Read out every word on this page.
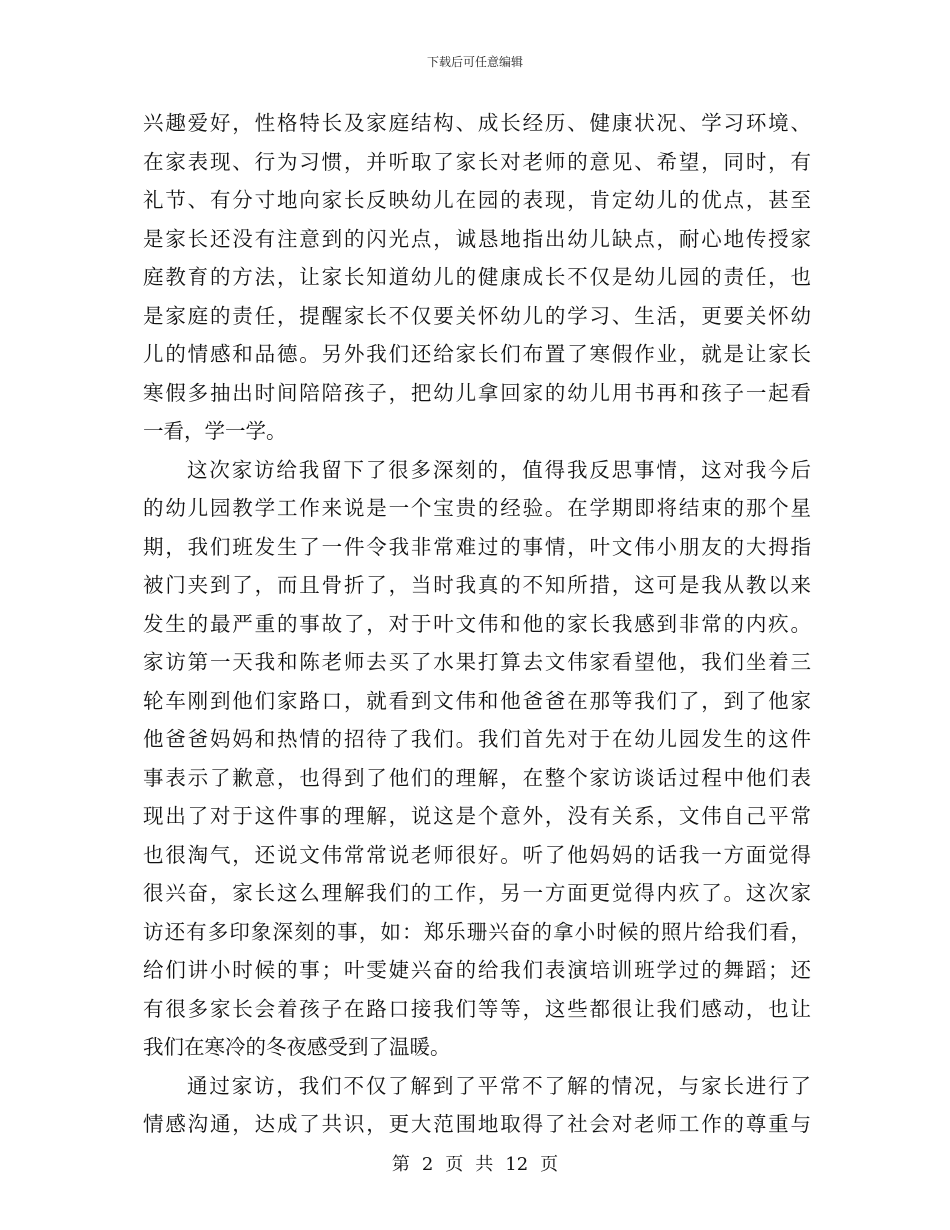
下载后可任意编辑
兴趣爱好，性格特长及家庭结构、成长经历、健康状况、学习环境、
在家表现、行为习惯，并听取了家长对老师的意见、希望，同时，有
礼节、有分寸地向家长反映幼儿在园的表现，肯定幼儿的优点，甚至
是家长还没有注意到的闪光点，诚恳地指出幼儿缺点，耐心地传授家
庭教育的方法，让家长知道幼儿的健康成长不仅是幼儿园的责任，也
是家庭的责任，提醒家长不仅要关怀幼儿的学习、生活，更要关怀幼
儿的情感和品德。另外我们还给家长们布置了寒假作业，就是让家长
寒假多抽出时间陪陪孩子，把幼儿拿回家的幼儿用书再和孩子一起看
一看，学一学。
这次家访给我留下了很多深刻的，值得我反思事情，这对我今后
的幼儿园教学工作来说是一个宝贵的经验。在学期即将结束的那个星
期，我们班发生了一件令我非常难过的事情，叶文伟小朋友的大拇指
被门夹到了，而且骨折了，当时我真的不知所措，这可是我从教以来
发生的最严重的事故了，对于叶文伟和他的家长我感到非常的内疚。
家访第一天我和陈老师去买了水果打算去文伟家看望他，我们坐着三
轮车刚到他们家路口，就看到文伟和他爸爸在那等我们了，到了他家
他爸爸妈妈和热情的招待了我们。我们首先对于在幼儿园发生的这件
事表示了歉意，也得到了他们的理解，在整个家访谈话过程中他们表
现出了对于这件事的理解，说这是个意外，没有关系，文伟自己平常
也很淘气，还说文伟常常说老师很好。听了他妈妈的话我一方面觉得
很兴奋，家长这么理解我们的工作，另一方面更觉得内疚了。这次家
访还有多印象深刻的事，如：郑乐珊兴奋的拿小时候的照片给我们看，
给们讲小时候的事；叶雯婕兴奋的给我们表演培训班学过的舞蹈；还
有很多家长会着孩子在路口接我们等等，这些都很让我们感动，也让
我们在寒冷的冬夜感受到了温暖。
通过家访，我们不仅了解到了平常不了解的情况，与家长进行了
情感沟通，达成了共识，更大范围地取得了社会对老师工作的尊重与
第 2 页 共 12 页
